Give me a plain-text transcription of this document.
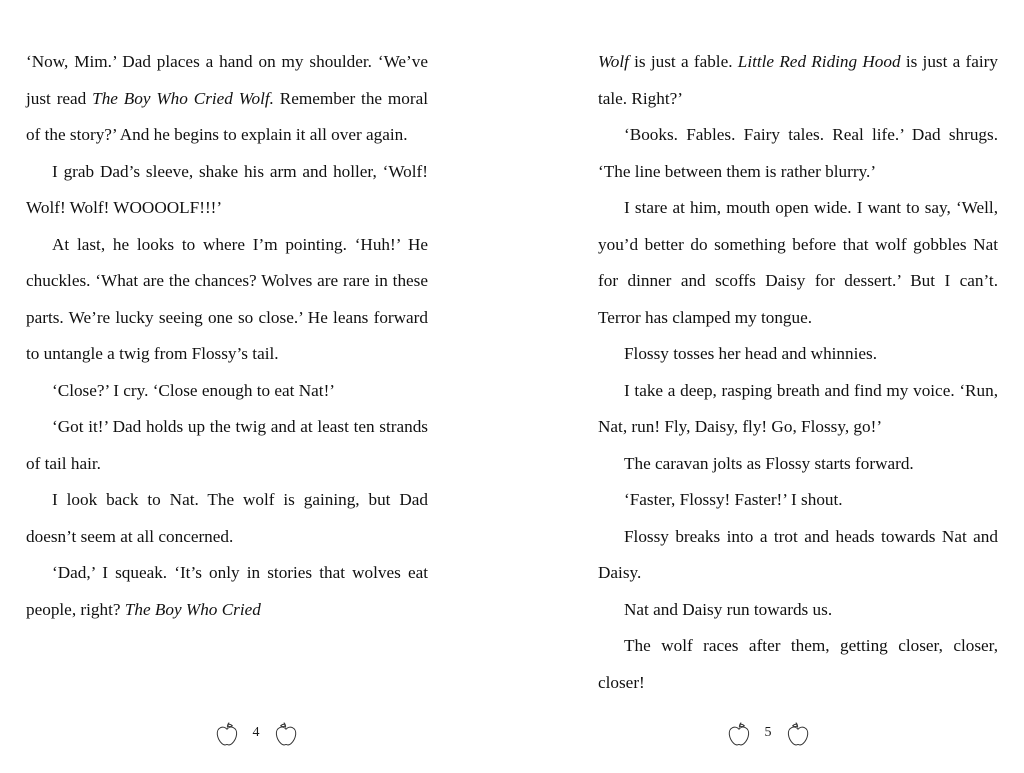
‘Now, Mim.’ Dad places a hand on my shoulder. ‘We’ve just read The Boy Who Cried Wolf. Remember the moral of the story?’ And he begins to explain it all over again.

I grab Dad’s sleeve, shake his arm and holler, ‘Wolf! Wolf! Wolf! WOOOOLF!!!’

At last, he looks to where I’m pointing. ‘Huh!’ He chuckles. ‘What are the chances? Wolves are rare in these parts. We’re lucky seeing one so close.’ He leans forward to untangle a twig from Flossy’s tail.

‘Close?’ I cry. ‘Close enough to eat Nat!’

‘Got it!’ Dad holds up the twig and at least ten strands of tail hair.

I look back to Nat. The wolf is gaining, but Dad doesn’t seem at all concerned.

‘Dad,’ I squeak. ‘It’s only in stories that wolves eat people, right? The Boy Who Cried

4

Wolf is just a fable. Little Red Riding Hood is just a fairy tale. Right?’

‘Books. Fables. Fairy tales. Real life.’ Dad shrugs. ‘The line between them is rather blurry.’

I stare at him, mouth open wide. I want to say, ‘Well, you’d better do something before that wolf gobbles Nat for dinner and scoffs Daisy for dessert.’ But I can’t. Terror has clamped my tongue.

Flossy tosses her head and whinnies.

I take a deep, rasping breath and find my voice. ‘Run, Nat, run! Fly, Daisy, fly! Go, Flossy, go!’

The caravan jolts as Flossy starts forward.

‘Faster, Flossy! Faster!’ I shout.

Flossy breaks into a trot and heads towards Nat and Daisy.

Nat and Daisy run towards us.

The wolf races after them, getting closer, closer, closer!

5
